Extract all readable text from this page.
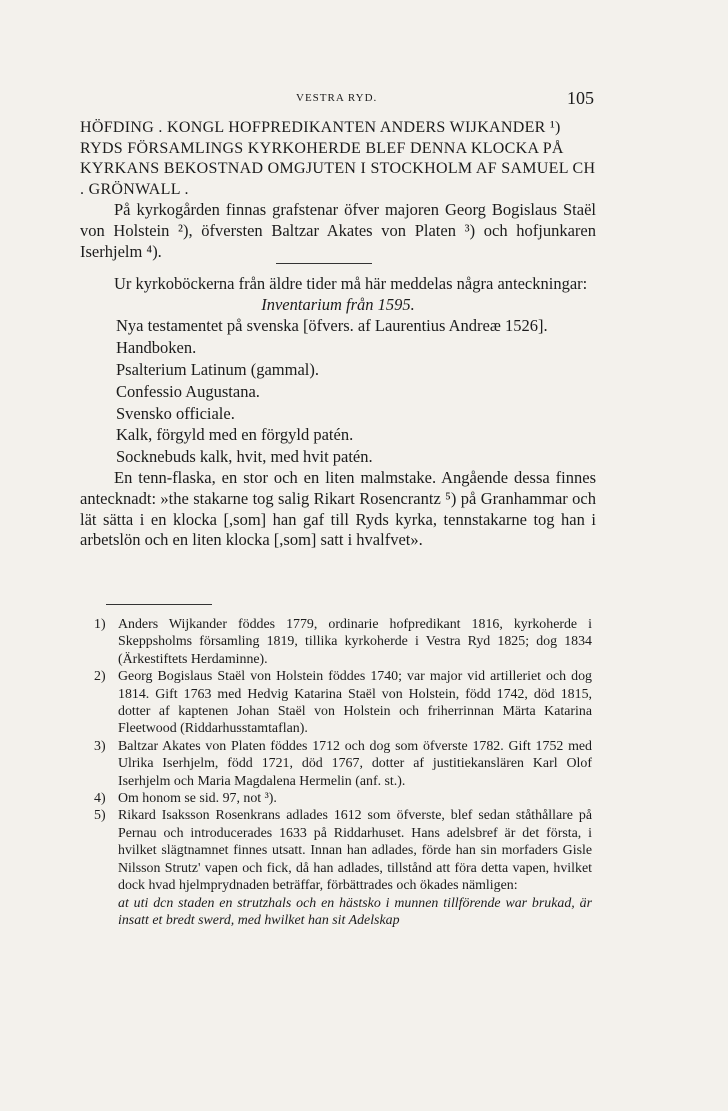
VESTRA RYD.	105

HÖFDING . KONGL HOFPREDIKANTEN ANDERS WIJKANDER ¹) RYDS FÖRSAMLINGS KYRKOHERDE BLEF DENNA KLOCKA PÅ KYRKANS BEKOSTNAD OMGJUTEN I STOCKHOLM AF SAMUEL CH . GRÖNWALL .

På kyrkogården finnas grafstenar öfver majoren Georg Bogislaus Staël von Holstein ²), öfversten Baltzar Akates von Platen ³) och hofjunkaren Iserhjelm ⁴).

Ur kyrkoböckerna från äldre tider må här meddelas några anteckningar:

Inventarium från 1595.

Nya testamentet på svenska [öfvers. af Laurentius Andreæ 1526].
Handboken.
Psalterium Latinum (gammal).
Confessio Augustana.
Svensko officiale.
Kalk, förgyld med en förgyld patén.
Socknebuds kalk, hvit, med hvit patén.

En tenn-flaska, en stor och en liten malmstake. Angående dessa finnes antecknadt: »the stakarne tog salig Rikart Rosencrantz ⁵) på Granhammar och lät sätta i en klocka [,som] han gaf till Ryds kyrka, tennstakarne tog han i arbetslön och en liten klocka [,som] satt i hvalfvet».

1) Anders Wijkander föddes 1779, ordinarie hofpredikant 1816, kyrkoherde i Skeppsholms församling 1819, tillika kyrkoherde i Vestra Ryd 1825; dog 1834 (Ärkestiftets Herdaminne).

2) Georg Bogislaus Staël von Holstein föddes 1740; var major vid artilleriet och dog 1814. Gift 1763 med Hedvig Katarina Staël von Holstein, född 1742, död 1815, dotter af kaptenen Johan Staël von Holstein och friherrinnan Märta Katarina Fleetwood (Riddarhusstamtaflan).

3) Baltzar Akates von Platen föddes 1712 och dog som öfverste 1782. Gift 1752 med Ulrika Iserhjelm, född 1721, död 1767, dotter af justitiekanslären Karl Olof Iserhjelm och Maria Magdalena Hermelin (anf. st.).

4) Om honom se sid. 97, not ³).

5) Rikard Isaksson Rosenkrans adlades 1612 som öfverste, blef sedan ståthållare på Pernau och introducerades 1633 på Riddarhuset. Hans adelsbref är det första, i hvilket slägtnamnet finnes utsatt. Innan han adlades, förde han sin morfaders Gisle Nilsson Strutz' vapen och fick, då han adlades, tillstånd att föra detta vapen, hvilket dock hvad hjelmprydnaden beträffar, förbättrades och ökades nämligen:
at uti dcn staden en strutzhals och en hästsko i munnen tillförende war brukad, är insatt et bredt swerd, med hwilket han sit Adelskap
